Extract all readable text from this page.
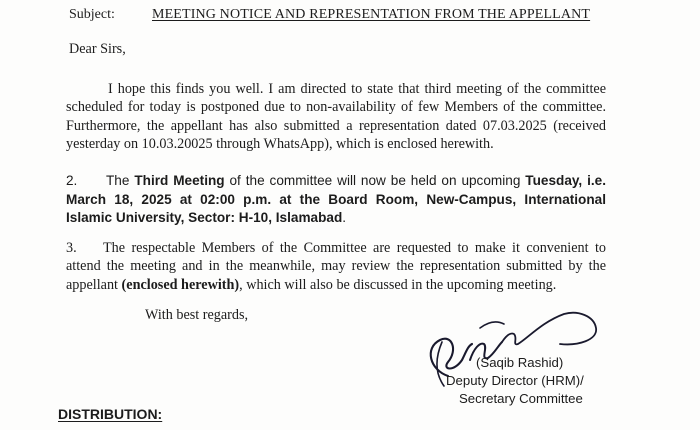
Subject:	MEETING NOTICE AND REPRESENTATION FROM THE APPELLANT
Dear Sirs,
I hope this finds you well. I am directed to state that third meeting of the committee scheduled for today is postponed due to non-availability of few Members of the committee. Furthermore, the appellant has also submitted a representation dated 07.03.2025 (received yesterday on 10.03.20025 through WhatsApp), which is enclosed herewith.
2. The Third Meeting of the committee will now be held on upcoming Tuesday, i.e. March 18, 2025 at 02:00 p.m. at the Board Room, New-Campus, International Islamic University, Sector: H-10, Islamabad.
3. The respectable Members of the Committee are requested to make it convenient to attend the meeting and in the meanwhile, may review the representation submitted by the appellant (enclosed herewith), which will also be discussed in the upcoming meeting.
With best regards,
(Saqib Rashid)
Deputy Director (HRM)/
Secretary Committee
DISTRIBUTION:
